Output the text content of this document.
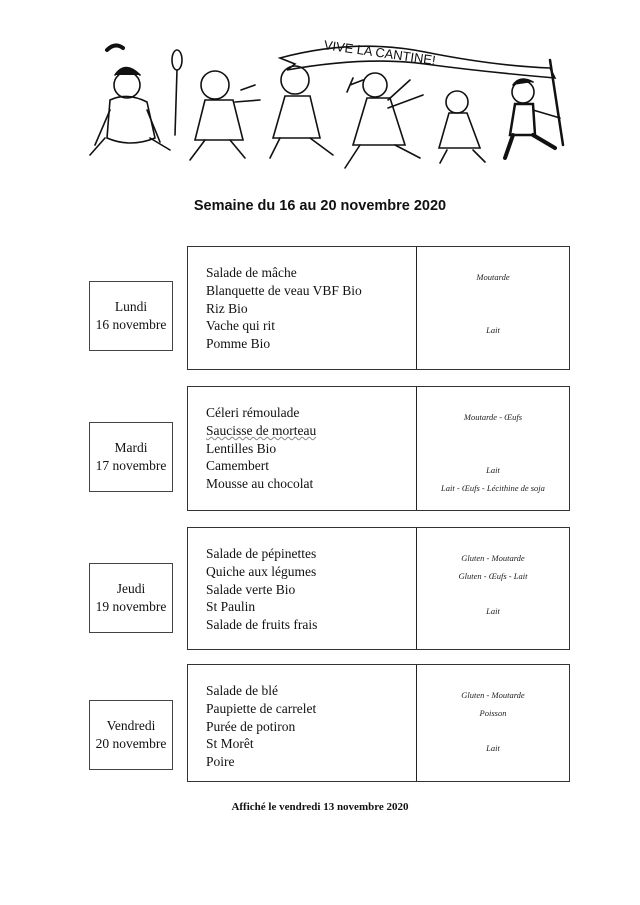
VIVE LA CANTINE!
Semaine du 16 au 20 novembre 2020
Lundi
16 novembre
Salade de mâche
Blanquette de veau VBF Bio
Riz Bio
Vache qui rit
Pomme Bio
Moutarde
Lait
Mardi
17 novembre
Céleri rémoulade
Saucisse de morteau
Lentilles Bio
Camembert
Mousse au chocolat
Moutarde - Œufs
Lait
Lait - Œufs - Lécithine de soja
Jeudi
19 novembre
Salade de pépinettes
Quiche aux légumes
Salade verte Bio
St Paulin
Salade de fruits frais
Gluten - Moutarde
Gluten - Œufs - Lait
Lait
Vendredi
20 novembre
Salade de blé
Paupiette de carrelet
Purée de potiron
St Morêt
Poire
Gluten - Moutarde
Poisson
Lait
Affiché le vendredi 13 novembre 2020
